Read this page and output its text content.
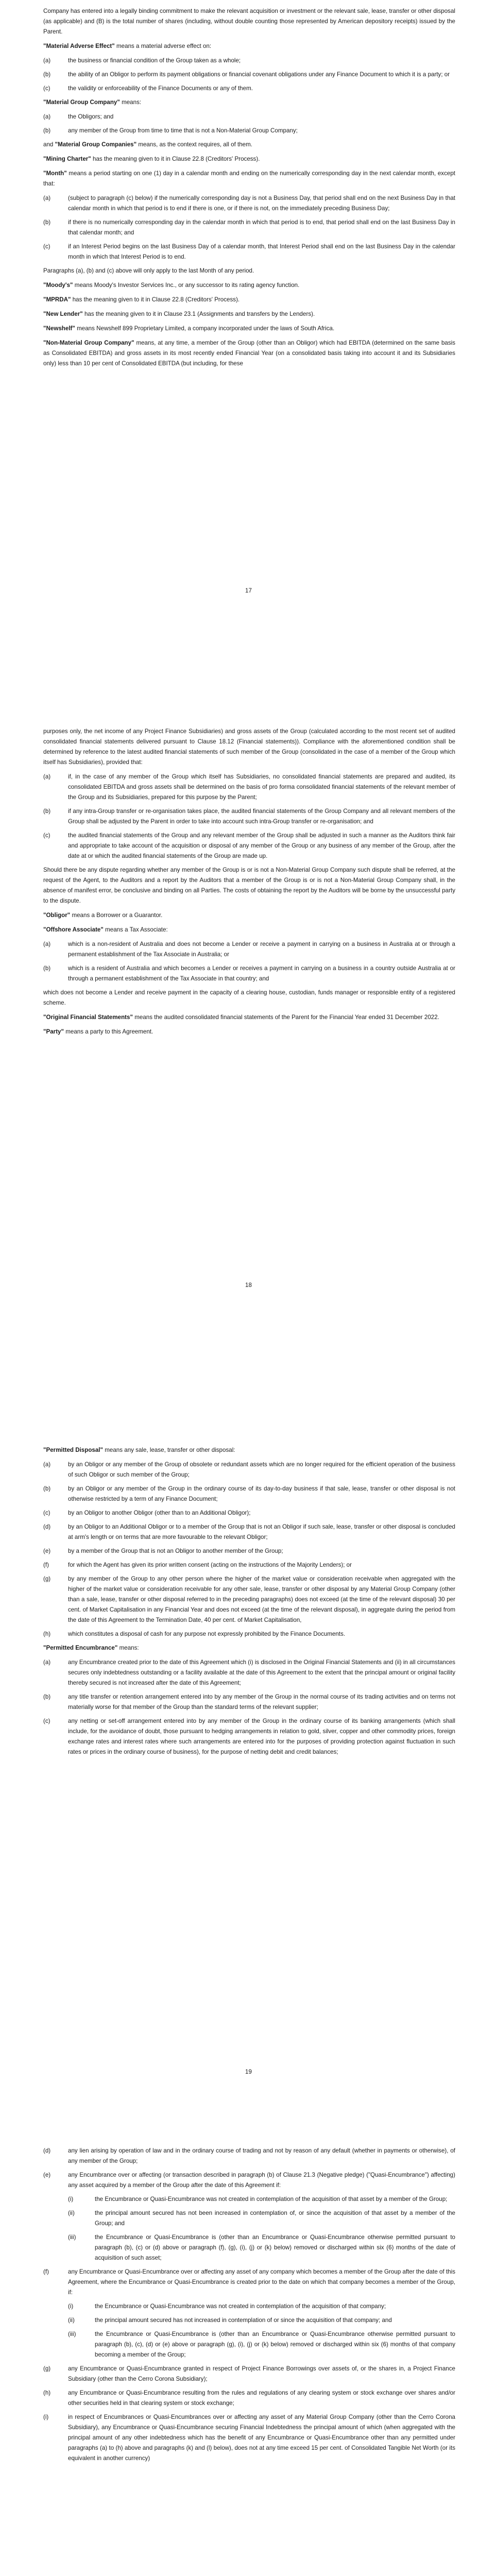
Company has entered into a legally binding commitment to make the relevant acquisition or investment or the relevant sale, lease, transfer or other disposal (as applicable) and (B) is the total number of shares (including, without double counting those represented by American depository receipts) issued by the Parent.

"Material Adverse Effect" means a material adverse effect on:

(a)	the business or financial condition of the Group taken as a whole;
(b)	the ability of an Obligor to perform its payment obligations or financial covenant obligations under any Finance Document to which it is a party; or
(c)	the validity or enforceability of the Finance Documents or any of them.

"Material Group Company" means:

(a)	the Obligors; and
(b)	any member of the Group from time to time that is not a Non-Material Group Company;

and "Material Group Companies" means, as the context requires, all of them.

"Mining Charter" has the meaning given to it in Clause 22.8 (Creditors' Process).

"Month" means a period starting on one (1) day in a calendar month and ending on the numerically corresponding day in the next calendar month, except that:

(a)	(subject to paragraph (c) below) if the numerically corresponding day is not a Business Day, that period shall end on the next Business Day in that calendar month in which that period is to end if there is one, or if there is not, on the immediately preceding Business Day;
(b)	if there is no numerically corresponding day in the calendar month in which that period is to end, that period shall end on the last Business Day in that calendar month; and
(c)	if an Interest Period begins on the last Business Day of a calendar month, that Interest Period shall end on the last Business Day in the calendar month in which that Interest Period is to end.

Paragraphs (a), (b) and (c) above will only apply to the last Month of any period.

"Moody's" means Moody's Investor Services Inc., or any successor to its rating agency function.

"MPRDA" has the meaning given to it in Clause 22.8 (Creditors' Process).

"New Lender" has the meaning given to it in Clause 23.1 (Assignments and transfers by the Lenders).

"Newshelf" means Newshelf 899 Proprietary Limited, a company incorporated under the laws of South Africa.

"Non-Material Group Company" means, at any time, a member of the Group (other than an Obligor) which had EBITDA (determined on the same basis as Consolidated EBITDA) and gross assets in its most recently ended Financial Year (on a consolidated basis taking into account it and its Subsidiaries only) less than 10 per cent of Consolidated EBITDA (but including, for these

17

purposes only, the net income of any Project Finance Subsidiaries) and gross assets of the Group (calculated according to the most recent set of audited consolidated financial statements delivered pursuant to Clause 18.12 (Financial statements)). Compliance with the aforementioned condition shall be determined by reference to the latest audited financial statements of such member of the Group (consolidated in the case of a member of the Group which itself has Subsidiaries), provided that:

(a)	if, in the case of any member of the Group which itself has Subsidiaries, no consolidated financial statements are prepared and audited, its consolidated EBITDA and gross assets shall be determined on the basis of pro forma consolidated financial statements of the relevant member of the Group and its Subsidiaries, prepared for this purpose by the Parent;
(b)	if any intra-Group transfer or re-organisation takes place, the audited financial statements of the Group Company and all relevant members of the Group shall be adjusted by the Parent in order to take into account such intra-Group transfer or re-organisation; and
(c)	the audited financial statements of the Group and any relevant member of the Group shall be adjusted in such a manner as the Auditors think fair and appropriate to take account of the acquisition or disposal of any member of the Group or any business of any member of the Group, after the date at or which the audited financial statements of the Group are made up.

Should there be any dispute regarding whether any member of the Group is or is not a Non-Material Group Company such dispute shall be referred, at the request of the Agent, to the Auditors and a report by the Auditors that a member of the Group is or is not a Non-Material Group Company shall, in the absence of manifest error, be conclusive and binding on all Parties. The costs of obtaining the report by the Auditors will be borne by the unsuccessful party to the dispute.

"Obligor" means a Borrower or a Guarantor.

"Offshore Associate" means a Tax Associate:

(a)	which is a non-resident of Australia and does not become a Lender or receive a payment in carrying on a business in Australia at or through a permanent establishment of the Tax Associate in Australia; or
(b)	which is a resident of Australia and which becomes a Lender or receives a payment in carrying on a business in a country outside Australia at or through a permanent establishment of the Tax Associate in that country; and

which does not become a Lender and receive payment in the capacity of a clearing house, custodian, funds manager or responsible entity of a registered scheme.

"Original Financial Statements" means the audited consolidated financial statements of the Parent for the Financial Year ended 31 December 2022.

"Party" means a party to this Agreement.

18

"Permitted Disposal" means any sale, lease, transfer or other disposal:

(a)	by an Obligor or any member of the Group of obsolete or redundant assets which are no longer required for the efficient operation of the business of such Obligor or such member of the Group;
(b)	by an Obligor or any member of the Group in the ordinary course of its day-to-day business if that sale, lease, transfer or other disposal is not otherwise restricted by a term of any Finance Document;
(c)	by an Obligor to another Obligor (other than to an Additional Obligor);
(d)	by an Obligor to an Additional Obligor or to a member of the Group that is not an Obligor if such sale, lease, transfer or other disposal is concluded at arm's length or on terms that are more favourable to the relevant Obligor;
(e)	by a member of the Group that is not an Obligor to another member of the Group;
(f)	for which the Agent has given its prior written consent (acting on the instructions of the Majority Lenders); or
(g)	by any member of the Group to any other person where the higher of the market value or consideration receivable when aggregated with the higher of the market value or consideration receivable for any other sale, lease, transfer or other disposal by any Material Group Company (other than a sale, lease, transfer or other disposal referred to in the preceding paragraphs) does not exceed (at the time of the relevant disposal) 30 per cent. of Market Capitalisation in any Financial Year and does not exceed (at the time of the relevant disposal), in aggregate during the period from the date of this Agreement to the Termination Date, 40 per cent. of Market Capitalisation,
(h)	which constitutes a disposal of cash for any purpose not expressly prohibited by the Finance Documents.

"Permitted Encumbrance" means:

(a)	any Encumbrance created prior to the date of this Agreement which (i) is disclosed in the Original Financial Statements and (ii) in all circumstances secures only indebtedness outstanding or a facility available at the date of this Agreement to the extent that the principal amount or original facility thereby secured is not increased after the date of this Agreement;
(b)	any title transfer or retention arrangement entered into by any member of the Group in the normal course of its trading activities and on terms not materially worse for that member of the Group than the standard terms of the relevant supplier;
(c)	any netting or set-off arrangement entered into by any member of the Group in the ordinary course of its banking arrangements (which shall include, for the avoidance of doubt, those pursuant to hedging arrangements in relation to gold, silver, copper and other commodity prices, foreign exchange rates and interest rates where such arrangements are entered into for the purposes of providing protection against fluctuation in such rates or prices in the ordinary course of business), for the purpose of netting debit and credit balances;
19
(d)	any lien arising by operation of law and in the ordinary course of trading and not by reason of any default (whether in payments or otherwise), of any member of the Group;
(e)	any Encumbrance over or affecting (or transaction described in paragraph (b) of Clause 21.3 (Negative pledge) ("Quasi-Encumbrance") affecting) any asset acquired by a member of the Group after the date of this Agreement if:
(i)	the Encumbrance or Quasi-Encumbrance was not created in contemplation of the acquisition of that asset by a member of the Group;
(ii)	the principal amount secured has not been increased in contemplation of, or since the acquisition of that asset by a member of the Group; and
(iii)	the Encumbrance or Quasi-Encumbrance is (other than an Encumbrance or Quasi-Encumbrance otherwise permitted pursuant to paragraph (b), (c) or (d) above or paragraph (f), (g), (i), (j) or (k) below) removed or discharged within six (6) months of the date of acquisition of such asset;
(f)	any Encumbrance or Quasi-Encumbrance over or affecting any asset of any company which becomes a member of the Group after the date of this Agreement, where the Encumbrance or Quasi-Encumbrance is created prior to the date on which that company becomes a member of the Group, if:
(i)	the Encumbrance or Quasi-Encumbrance was not created in contemplation of the acquisition of that company;
(ii)	the principal amount secured has not increased in contemplation of or since the acquisition of that company; and
(iii)	the Encumbrance or Quasi-Encumbrance is (other than an Encumbrance or Quasi-Encumbrance otherwise permitted pursuant to paragraph (b), (c), (d) or (e) above or paragraph (g), (i), (j) or (k) below) removed or discharged within six (6) months of that company becoming a member of the Group;
(g)	any Encumbrance or Quasi-Encumbrance granted in respect of Project Finance Borrowings over assets of, or the shares in, a Project Finance Subsidiary (other than the Cerro Corona Subsidiary);
(h)	any Encumbrance or Quasi-Encumbrance resulting from the rules and regulations of any clearing system or stock exchange over shares and/or other securities held in that clearing system or stock exchange;
(i)	in respect of Encumbrances or Quasi-Encumbrances over or affecting any asset of any Material Group Company (other than the Cerro Corona Subsidiary), any Encumbrance or Quasi-Encumbrance securing Financial Indebtedness the principal amount of which (when aggregated with the principal amount of any other indebtedness which has the benefit of any Encumbrance or Quasi-Encumbrance other than any permitted under paragraphs (a) to (h) above and paragraphs (k) and (l) below), does not at any time exceed 15 per cent. of Consolidated Tangible Net Worth (or its equivalent in another currency)
